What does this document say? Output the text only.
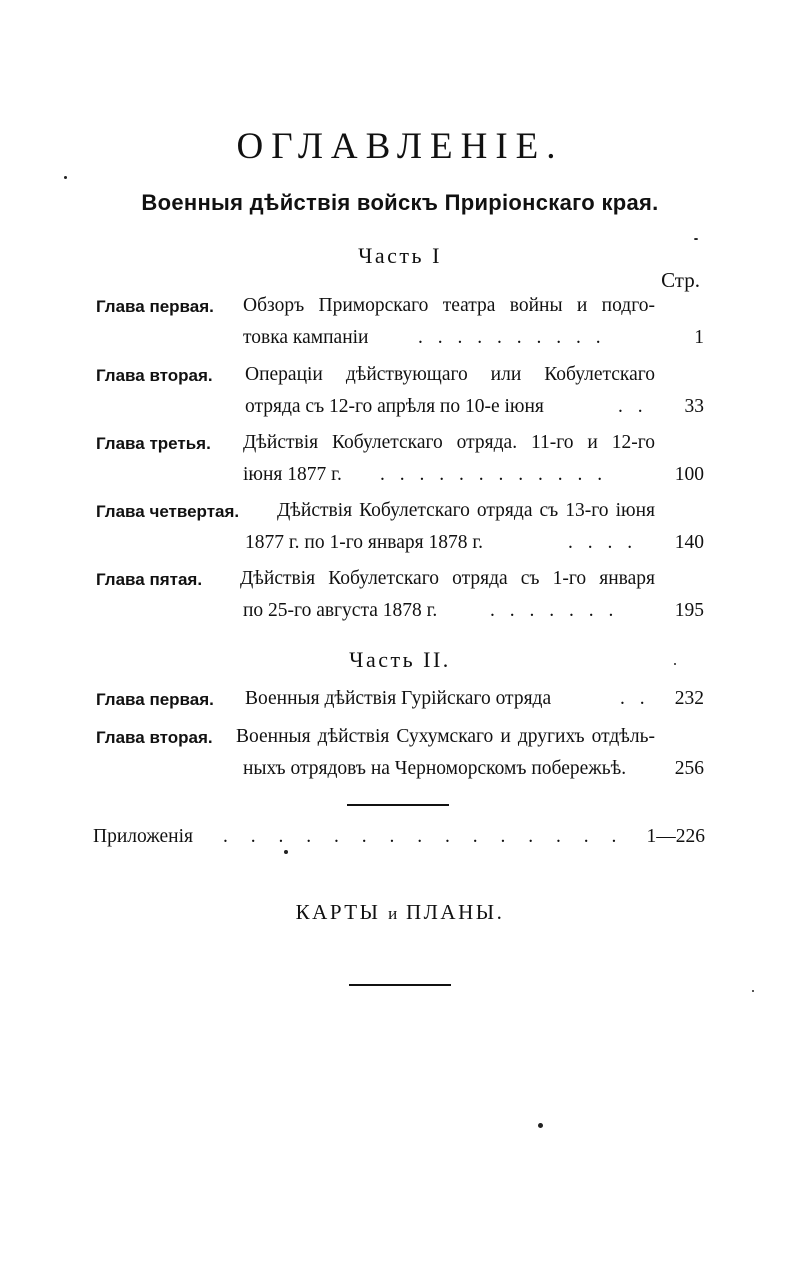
ОГЛАВЛЕНІЕ.
Военныя дѣйствія войскъ Приріонскаго края.
Часть I
Стр.
Глава первая. Обзоръ Приморскаго театра войны и подго-
товка кампаніи	. . . . . . . . . .	1
Глава вторая. Операціи дѣйствующаго или Кобулетскаго
отряда съ 12-го апрѣля по 10-е іюня	. . 33
Глава третья. Дѣйствія Кобулетскаго отряда. 11-го и 12-го
іюня 1877 г. . . . . . . . . . . . .	100
Глава четвертая. Дѣйствія Кобулетскаго отряда съ 13-го іюня
1877 г. по 1-го января 1878 г.	. . . . 140
Глава пятая. Дѣйствія Кобулетскаго отряда съ 1-го января
по 25-го августа 1878 г.	. . . . . . .	195
Часть II.
Глава первая. Военныя дѣйствія Гурійскаго отряда	. . 232
Глава вторая. Военныя дѣйствія Сухумскаго и другихъ отдѣль-
ныхъ отрядовъ на Черноморскомъ побережьѣ. 256
Приложенія . . . . . . . . . . . . . . . 1—226
КАРТЫ и ПЛАНЫ.
